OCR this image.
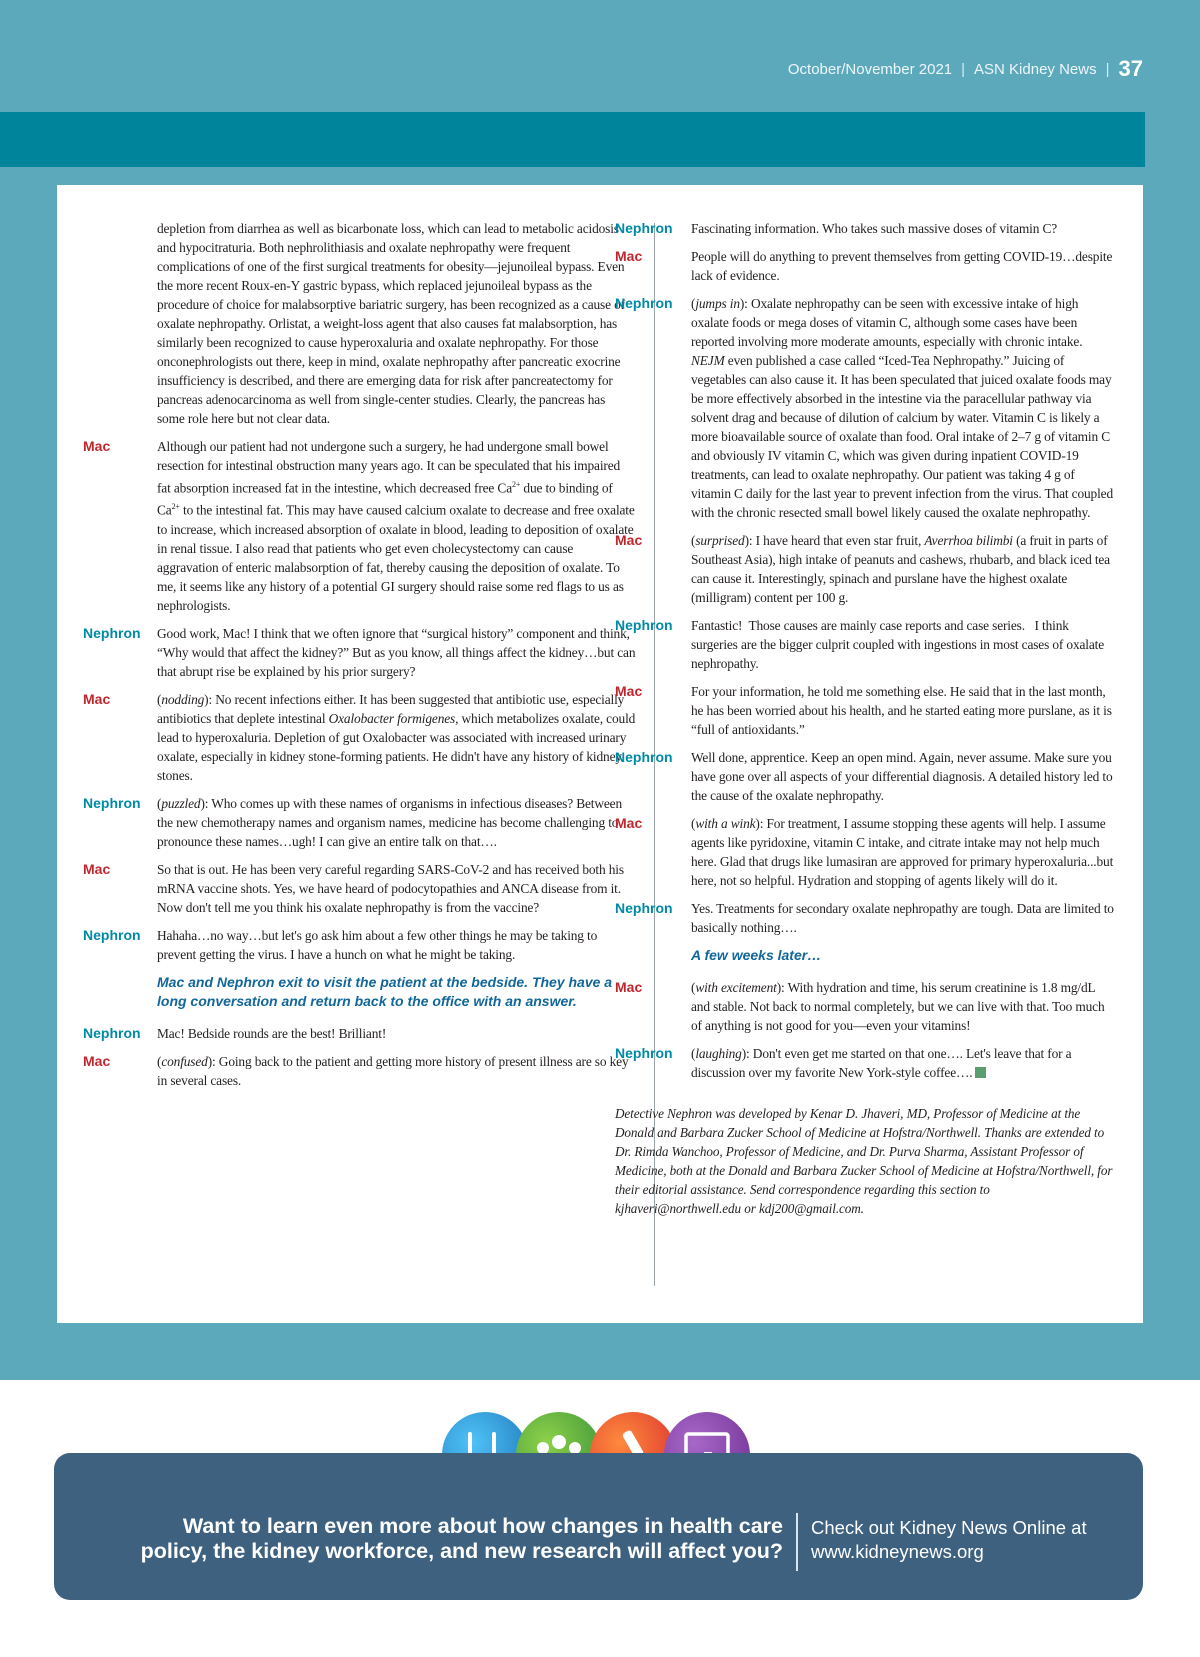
October/November 2021 | ASN Kidney News | 37
depletion from diarrhea as well as bicarbonate loss, which can lead to metabolic acidosis and hypocitraturia. Both nephrolithiasis and oxalate nephropathy were frequent complications of one of the first surgical treatments for obesity—jejunoileal bypass. Even the more recent Roux-en-Y gastric bypass, which replaced jejunoileal bypass as the procedure of choice for malabsorptive bariatric surgery, has been recognized as a cause of oxalate nephropathy. Orlistat, a weight-loss agent that also causes fat malabsorption, has similarly been recognized to cause hyperoxaluria and oxalate nephropathy. For those onconephrologists out there, keep in mind, oxalate nephropathy after pancreatic exocrine insufficiency is described, and there are emerging data for risk after pancreatectomy for pancreas adenocarcinoma as well from single-center studies. Clearly, the pancreas has some role here but not clear data.
Mac	Although our patient had not undergone such a surgery, he had undergone small bowel resection for intestinal obstruction many years ago. It can be speculated that his impaired fat absorption increased fat in the intestine, which decreased free $Ca^{2+}$ due to binding of $Ca^{2+}$ to the intestinal fat. This may have caused calcium oxalate to decrease and free oxalate to increase, which increased absorption of oxalate in blood, leading to deposition of oxalate in renal tissue. I also read that patients who get even cholecystectomy can cause aggravation of enteric malabsorption of fat, thereby causing the deposition of oxalate. To me, it seems like any history of a potential GI surgery should raise some red flags to us as nephrologists.
Nephron	Good work, Mac! I think that we often ignore that “surgical history” component and think, “Why would that affect the kidney?” But as you know, all things affect the kidney…but can that abrupt rise be explained by his prior surgery?
Mac	(nodding): No recent infections either. It has been suggested that antibiotic use, especially antibiotics that deplete intestinal Oxalobacter formigenes, which metabolizes oxalate, could lead to hyperoxaluria. Depletion of gut Oxalobacter was associated with increased urinary oxalate, especially in kidney stone-forming patients. He didn't have any history of kidney stones.
Nephron	(puzzled): Who comes up with these names of organisms in infectious diseases? Between the new chemotherapy names and organism names, medicine has become challenging to pronounce these names…ugh! I can give an entire talk on that….
Mac	So that is out. He has been very careful regarding SARS-CoV-2 and has received both his mRNA vaccine shots. Yes, we have heard of podocytopathies and ANCA disease from it. Now don't tell me you think his oxalate nephropathy is from the vaccine?
Nephron	Hahaha…no way…but let's go ask him about a few other things he may be taking to prevent getting the virus. I have a hunch on what he might be taking.
Mac and Nephron exit to visit the patient at the bedside. They have a long conversation and return back to the office with an answer.
Nephron	Mac! Bedside rounds are the best! Brilliant!
Mac	(confused): Going back to the patient and getting more history of present illness are so key in several cases.
Nephron	Fascinating information. Who takes such massive doses of vitamin C?
Mac	People will do anything to prevent themselves from getting COVID-19…despite lack of evidence.
Nephron	(jumps in): Oxalate nephropathy can be seen with excessive intake of high oxalate foods or mega doses of vitamin C, although some cases have been reported involving more moderate amounts, especially with chronic intake. NEJM even published a case called “Iced-Tea Nephropathy.” Juicing of vegetables can also cause it. It has been speculated that juiced oxalate foods may be more effectively absorbed in the intestine via the paracellular pathway via solvent drag and because of dilution of calcium by water. Vitamin C is likely a more bioavailable source of oxalate than food. Oral intake of 2–7 g of vitamin C and obviously IV vitamin C, which was given during inpatient COVID-19 treatments, can lead to oxalate nephropathy. Our patient was taking 4 g of vitamin C daily for the last year to prevent infection from the virus. That coupled with the chronic resected small bowel likely caused the oxalate nephropathy.
Mac	(surprised): I have heard that even star fruit, Averrhoa bilimbi (a fruit in parts of Southeast Asia), high intake of peanuts and cashews, rhubarb, and black iced tea can cause it. Interestingly, spinach and purslane have the highest oxalate (milligram) content per 100 g.
Nephron	Fantastic!  Those causes are mainly case reports and case series.   I think surgeries are the bigger culprit coupled with ingestions in most cases of oxalate nephropathy.
Mac	For your information, he told me something else. He said that in the last month, he has been worried about his health, and he started eating more purslane, as it is “full of antioxidants.”
Nephron	Well done, apprentice. Keep an open mind. Again, never assume. Make sure you have gone over all aspects of your differential diagnosis. A detailed history led to the cause of the oxalate nephropathy.
Mac	(with a wink): For treatment, I assume stopping these agents will help. I assume agents like pyridoxine, vitamin C intake, and citrate intake may not help much here. Glad that drugs like lumasiran are approved for primary hyperoxaluria...but here, not so helpful. Hydration and stopping of agents likely will do it.
Nephron	Yes. Treatments for secondary oxalate nephropathy are tough. Data are limited to basically nothing….
A few weeks later…
Mac	(with excitement): With hydration and time, his serum creatinine is 1.8 mg/dL and stable. Not back to normal completely, but we can live with that. Too much of anything is not good for you—even your vitamins!
Nephron	(laughing): Don't even get me started on that one…. Let's leave that for a discussion over my favorite New York-style coffee….
Detective Nephron was developed by Kenar D. Jhaveri, MD, Professor of Medicine at the Donald and Barbara Zucker School of Medicine at Hofstra/Northwell. Thanks are extended to Dr. Rimda Wanchoo, Professor of Medicine, and Dr. Purva Sharma, Assistant Professor of Medicine, both at the Donald and Barbara Zucker School of Medicine at Hofstra/Northwell, for their editorial assistance. Send correspondence regarding this section to kjhaveri@northwell.edu or kdj200@gmail.com.
Want to learn even more about how changes in health care
policy, the kidney workforce, and new research will affect you?
Check out Kidney News Online at
www.kidneynews.org
